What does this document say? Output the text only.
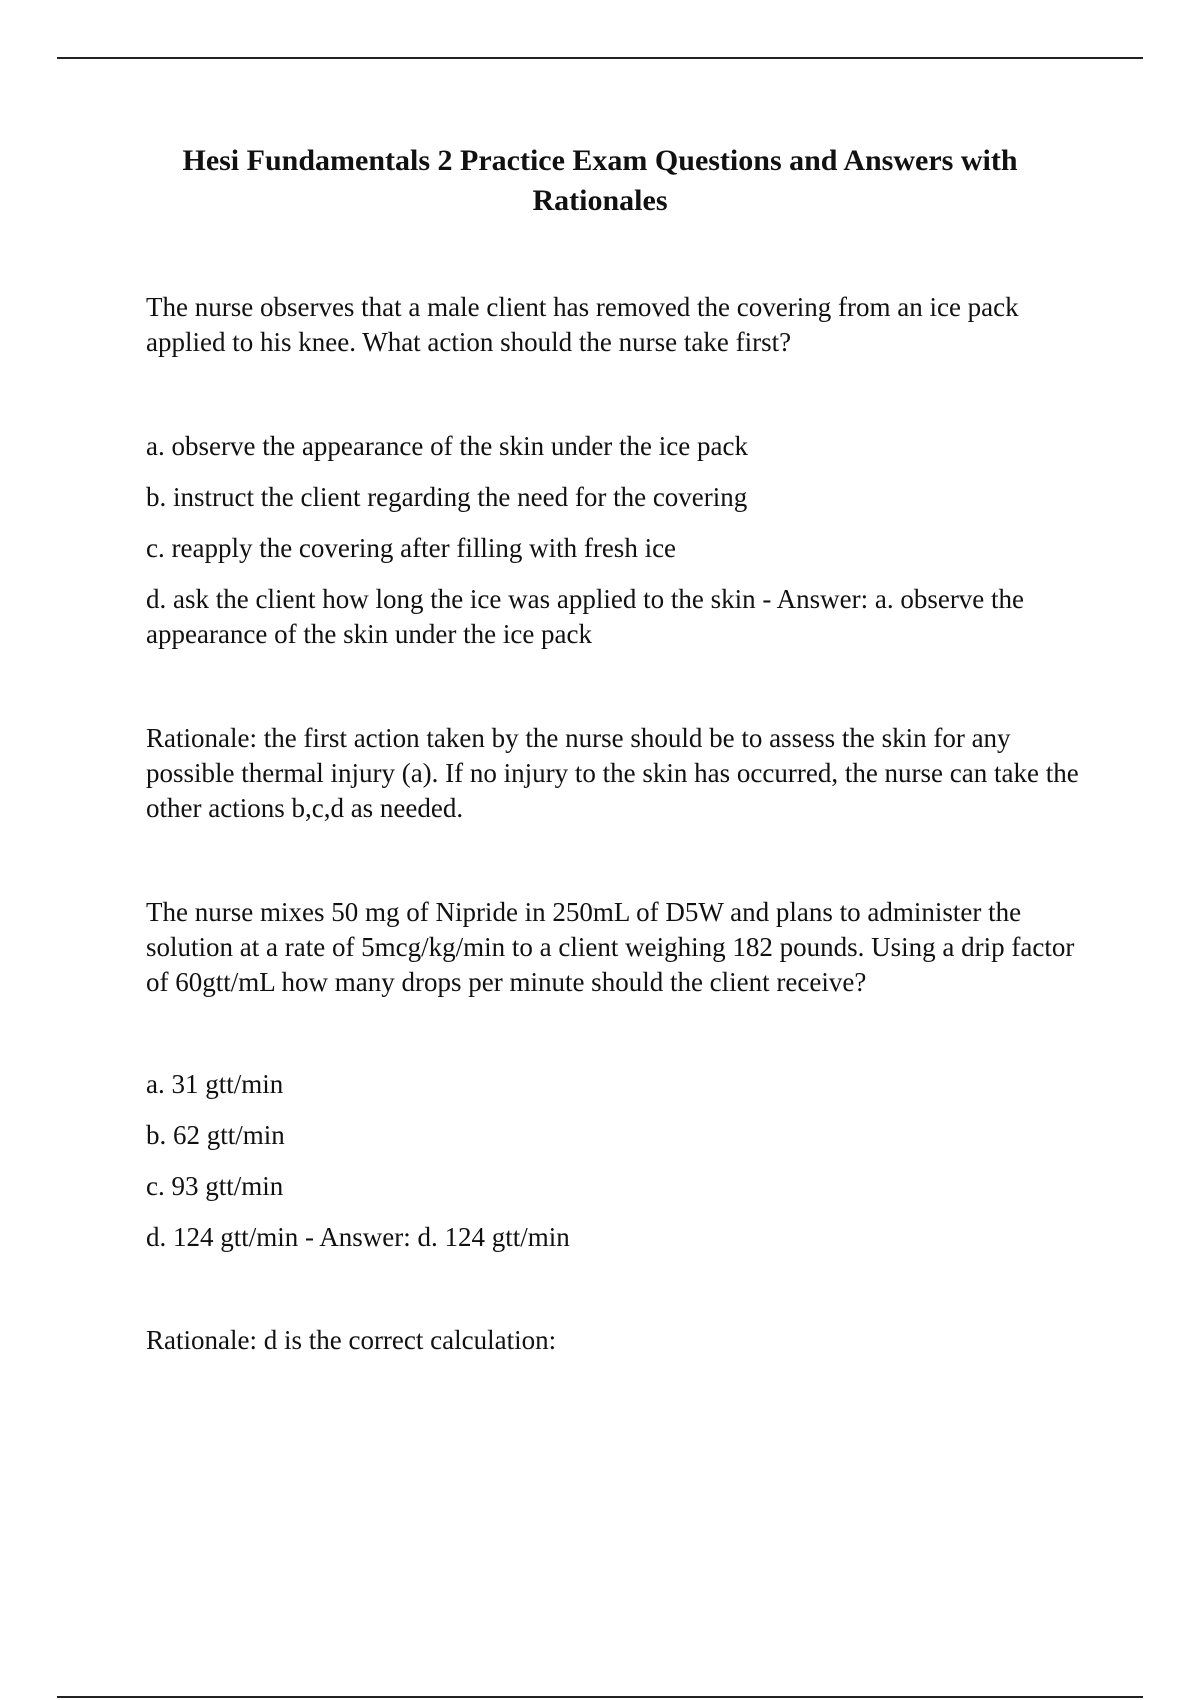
Hesi Fundamentals 2 Practice Exam Questions and Answers with
Rationales

The nurse observes that a male client has removed the covering from an ice pack applied to his knee. What action should the nurse take first?

a. observe the appearance of the skin under the ice pack

b. instruct the client regarding the need for the covering

c. reapply the covering after filling with fresh ice

d. ask the client how long the ice was applied to the skin - Answer: a. observe the appearance of the skin under the ice pack

Rationale: the first action taken by the nurse should be to assess the skin for any possible thermal injury (a). If no injury to the skin has occurred, the nurse can take the other actions b,c,d as needed.

The nurse mixes 50 mg of Nipride in 250mL of D5W and plans to administer the solution at a rate of 5mcg/kg/min to a client weighing 182 pounds. Using a drip factor of 60gtt/mL how many drops per minute should the client receive?

a. 31 gtt/min

b. 62 gtt/min

c. 93 gtt/min

d. 124 gtt/min - Answer: d. 124 gtt/min

Rationale: d is the correct calculation:
